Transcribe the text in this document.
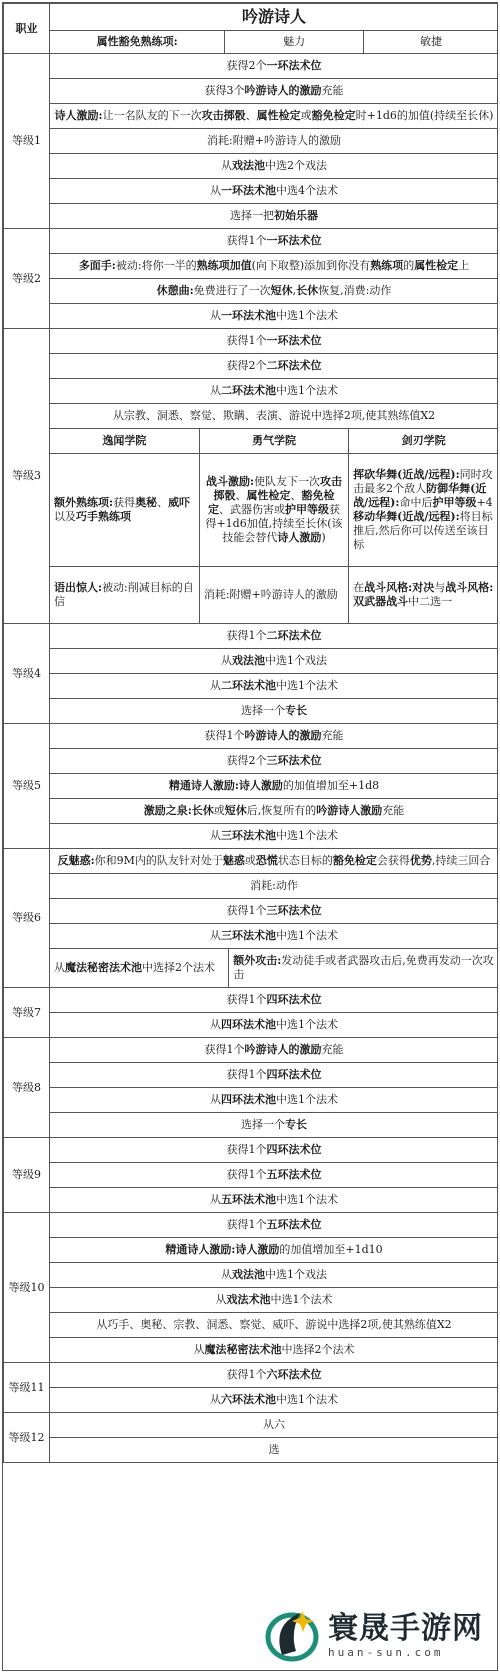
职业	吟游诗人

属性豁免熟练项:	魅力	敏捷

等级1	获得2个一环法术位
获得3个吟游诗人的激励充能
诗人激励:让一名队友的下一次攻击掷骰、属性检定或豁免检定时+1d6的加值(持续至长休)
消耗:附赠+吟游诗人的激励
从戏法池中选2个戏法
从一环法术池中选4个法术
选择一把初始乐器
等级2	获得1个一环法术位
多面手:被动:将你一半的熟练项加值(向下取整)添加到你没有熟练项的属性检定上
休憩曲:免费进行了一次短休,长休恢复,消费:动作
从一环法术池中选1个法术
等级3	获得1个一环法术位
获得2个二环法术位
从二环法术池中选1个法术
从宗教、洞悉、察觉、欺瞒、表演、游说中选择2项,使其熟练值X2

逸闻学院	勇气学院	剑刃学院
额外熟练项:获得奥秘、威吓以及巧手熟练项	战斗激励:使队友下一次攻击掷骰、属性检定、豁免检定、武器伤害或护甲等级获得+1d6加值,持续至长休(该技能会替代诗人激励)	挥砍华舞(近战/远程):同时攻击最多2个敌人防御华舞(近战/远程):命中后护甲等级+4移动华舞(近战/远程):将目标推后,然后你可以传送至该目标
语出惊人:被动:削减目标的自信	消耗:附赠+吟游诗人的激励	在战斗风格:对决与战斗风格:双武器战斗中二选一

等级4	获得1个二环法术位
从戏法池中选1个戏法
从二环法术池中选1个法术
选择一个专长
等级5	获得1个吟游诗人的激励充能
获得2个三环法术位
精通诗人激励:诗人激励的加值增加至+1d8
激励之泉:长休或短休后,恢复所有的吟游诗人激励充能
从三环法术池中选1个法术
等级6	反魅惑:你和9M内的队友针对处于魅惑或恐慌状态目标的豁免检定会获得优势,持续三回合
消耗:动作
获得1个三环法术位
从三环法术池中选1个法术

从魔法秘密法术池中选择2个法术	额外攻击:发动徒手或者武器攻击后,免费再发动一次攻击

等级7	获得1个四环法术位
从四环法术池中选1个法术
等级8	获得1个吟游诗人的激励充能
获得1个四环法术位
从四环法术池中选1个法术
选择一个专长
等级9	获得1个四环法术位
获得1个五环法术位
从五环法术池中选1个法术
等级10	获得1个五环法术位
精通诗人激励:诗人激励的加值增加至+1d10
从戏法池中选1个戏法
从戏法术池中选1个法术
从巧手、奥秘、宗教、洞悉、察觉、威吓、游说中选择2项,使其熟练值X2
从魔法秘密法术池中选择2个法术
等级11	获得1个六环法术位
从六环法术池中选1个法术
等级12	从六
选
寰晟手游网
huan-sun.com
